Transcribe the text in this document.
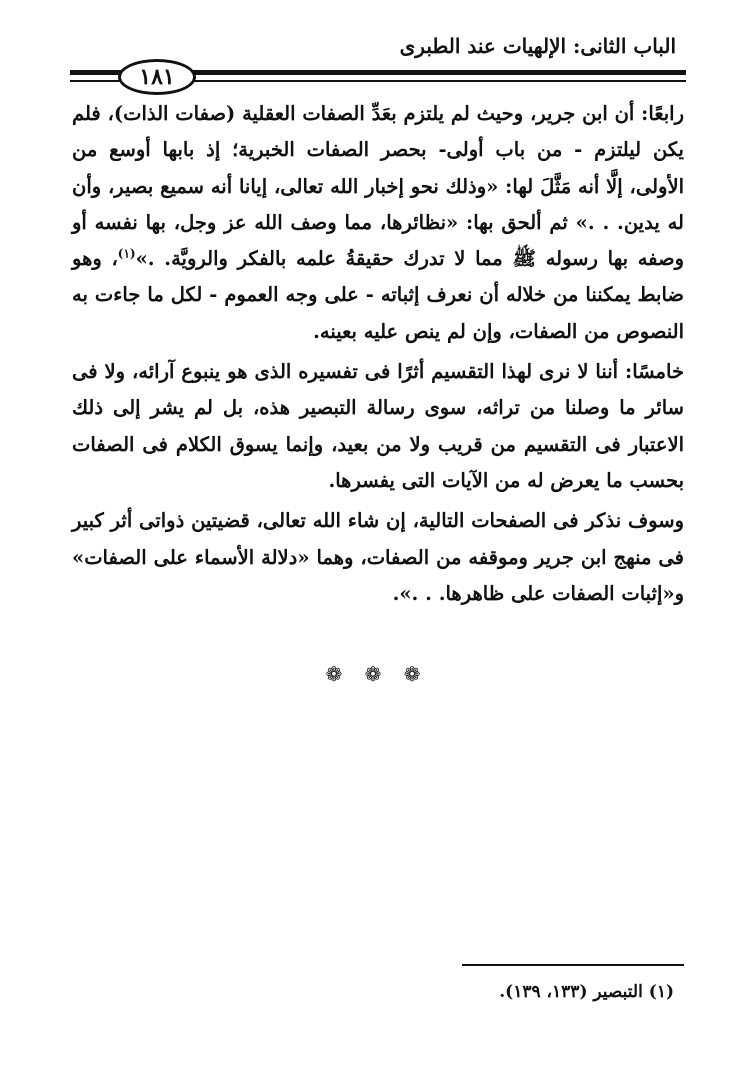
الباب الثانى: الإلهيات عند الطبرى
١٨١

رابعًا: أن ابن جرير، وحيث لم يلتزم بعَدِّ الصفات العقلية (صفات الذات)، فلم يكن ليلتزم - من باب أولى- بحصر الصفات الخبرية؛ إذ بابها أوسع من الأولى، إلَّا أنه مَثَّلَ لها: «وذلك نحو إخبار الله تعالى، إيانا أنه سميع بصير، وأن له يدين. . .» ثم ألحق بها: «نظائرها، مما وصف الله عز وجل، بها نفسه أو وصفه بها رسوله ﷺ مما لا تدرك حقيقةُ علمه بالفكر والرويَّة. .»$^{(١)}$، وهو ضابط يمكننا من خلاله أن نعرف إثباته - على وجه العموم - لكل ما جاءت به النصوص من الصفات، وإن لم ينص عليه بعينه.

خامسًا: أننا لا نرى لهذا التقسيم أثرًا فى تفسيره الذى هو ينبوع آرائه، ولا فى سائر ما وصلنا من تراثه، سوى رسالة التبصير هذه، بل لم يشر إلى ذلك الاعتبار فى التقسيم من قريب ولا من بعيد، وإنما يسوق الكلام فى الصفات بحسب ما يعرض له من الآيات التى يفسرها.

وسوف نذكر فى الصفحات التالية، إن شاء الله تعالى، قضيتين ذواتى أثر كبير فى منهج ابن جرير وموقفه من الصفات، وهما «دلالة الأسماء على الصفات» و«إثبات الصفات على ظاهرها. . .».

❁ ❁ ❁
(١) التبصير (١٣٣، ١٣٩).
